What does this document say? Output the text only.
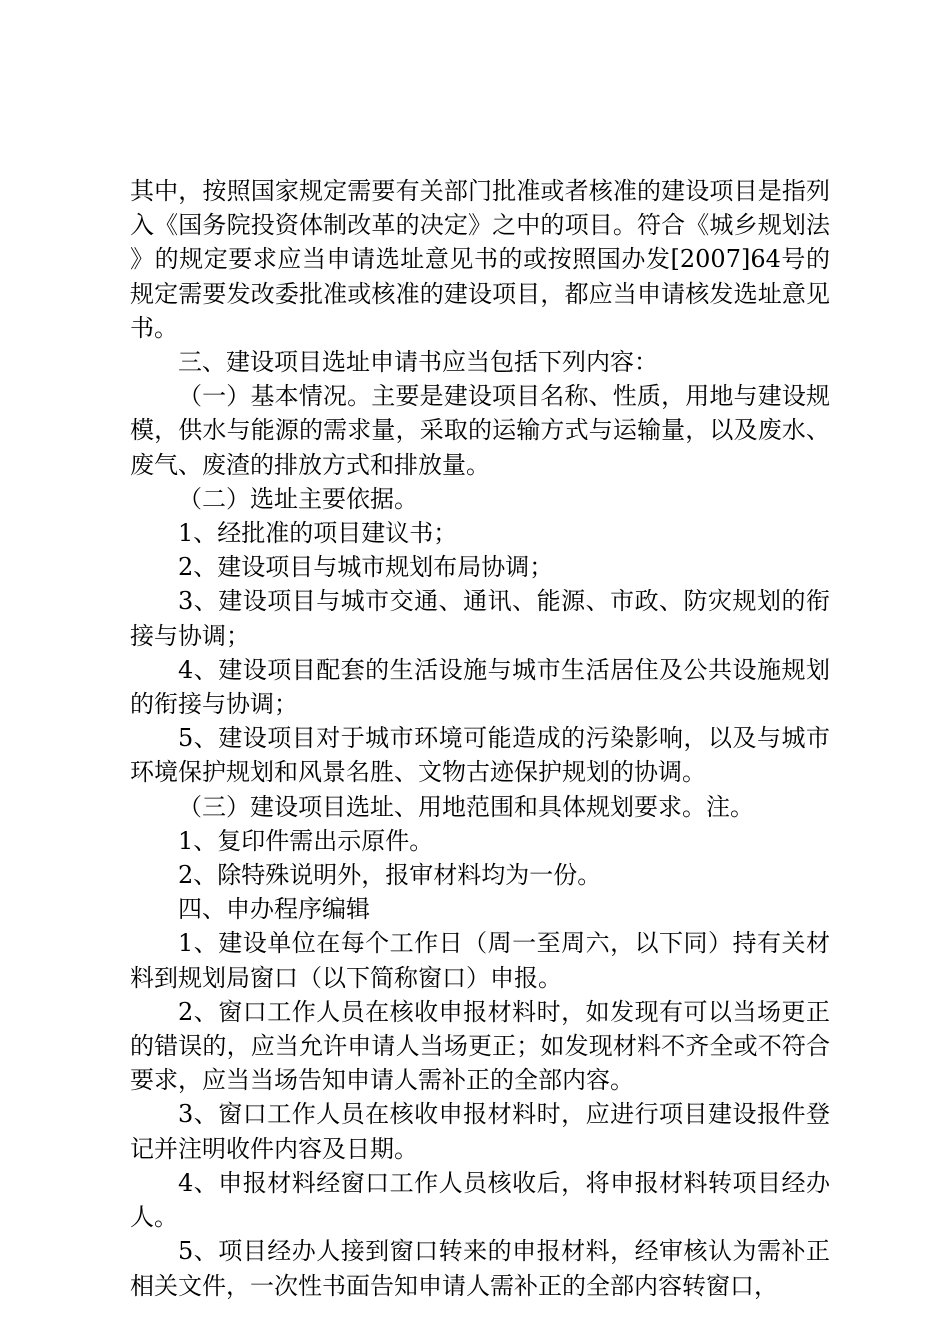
其中，按照国家规定需要有关部门批准或者核准的建设项目是指列入《国务院投资体制改革的决定》之中的项目。符合《城乡规划法》的规定要求应当申请选址意见书的或按照国办发[2007]64号的规定需要发改委批准或核准的建设项目，都应当申请核发选址意见书。

三、建设项目选址申请书应当包括下列内容：

（一）基本情况。主要是建设项目名称、性质，用地与建设规模，供水与能源的需求量，采取的运输方式与运输量，以及废水、废气、废渣的排放方式和排放量。

（二）选址主要依据。

1、经批准的项目建议书；

2、建设项目与城市规划布局协调；

3、建设项目与城市交通、通讯、能源、市政、防灾规划的衔接与协调；

4、建设项目配套的生活设施与城市生活居住及公共设施规划的衔接与协调；

5、建设项目对于城市环境可能造成的污染影响，以及与城市环境保护规划和风景名胜、文物古迹保护规划的协调。

（三）建设项目选址、用地范围和具体规划要求。注。

1、复印件需出示原件。

2、除特殊说明外，报审材料均为一份。

四、申办程序编辑

1、建设单位在每个工作日（周一至周六，以下同）持有关材料到规划局窗口（以下简称窗口）申报。

2、窗口工作人员在核收申报材料时，如发现有可以当场更正的错误的，应当允许申请人当场更正；如发现材料不齐全或不符合要求，应当当场告知申请人需补正的全部内容。

3、窗口工作人员在核收申报材料时，应进行项目建设报件登记并注明收件内容及日期。

4、申报材料经窗口工作人员核收后，将申报材料转项目经办人。

5、项目经办人接到窗口转来的申报材料，经审核认为需补正相关文件，一次性书面告知申请人需补正的全部内容转窗口，
